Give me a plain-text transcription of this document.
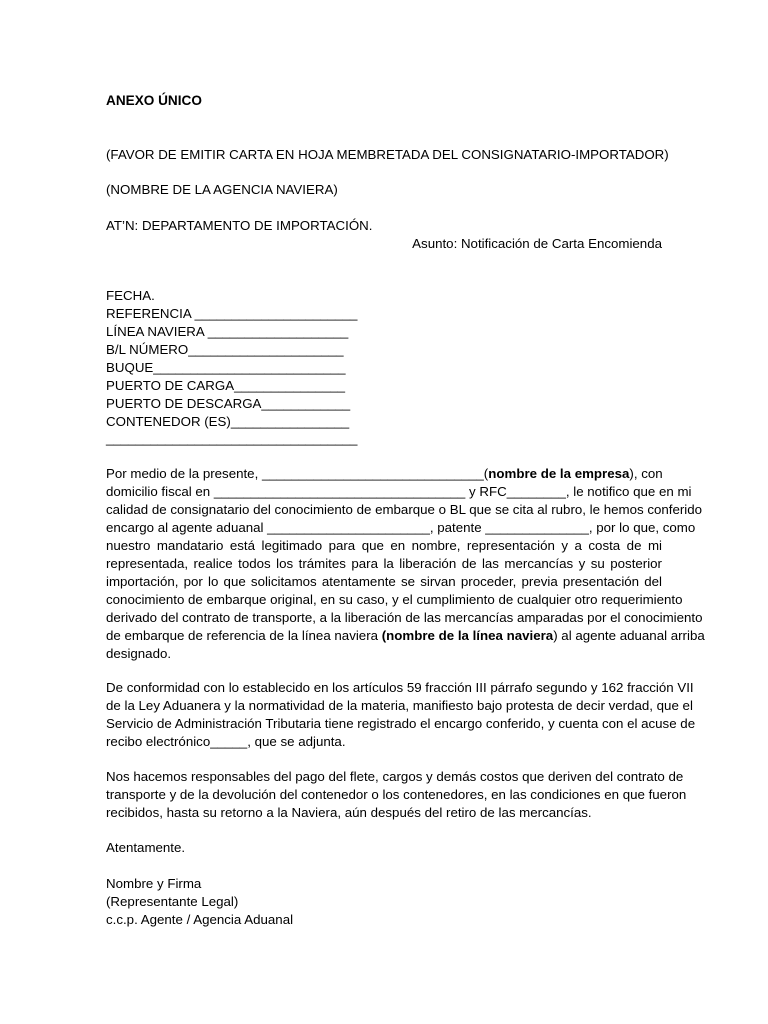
ANEXO ÚNICO
(FAVOR DE EMITIR CARTA EN HOJA MEMBRETADA DEL CONSIGNATARIO-IMPORTADOR)
(NOMBRE DE LA AGENCIA NAVIERA)
AT’N: DEPARTAMENTO DE IMPORTACIÓN.
Asunto: Notificación de Carta Encomienda
FECHA.
REFERENCIA ______________________
LÍNEA NAVIERA ___________________
B/L NÚMERO_____________________
BUQUE__________________________
PUERTO DE CARGA_______________
PUERTO DE DESCARGA____________
CONTENEDOR (ES)________________
__________________________________
Por medio de la presente, ______________________________(nombre de la empresa), con
domicilio fiscal en __________________________________ y RFC________, le notifico que en mi
calidad de consignatario del conocimiento de embarque o BL que se cita al rubro, le hemos conferido
encargo al agente aduanal ______________________, patente ______________, por lo que, como
nuestro mandatario está legitimado para que en nombre, representación y a costa de mi
representada, realice todos los trámites para la liberación de las mercancías y su posterior
importación, por lo que solicitamos atentamente se sirvan proceder, previa presentación del
conocimiento de embarque original, en su caso, y el cumplimiento de cualquier otro requerimiento
derivado del contrato de transporte, a la liberación de las mercancías amparadas por el conocimiento
de embarque de referencia de la línea naviera (nombre de la línea naviera) al agente aduanal arriba
designado.
De conformidad con lo establecido en los artículos 59 fracción III párrafo segundo y 162 fracción VII
de la Ley Aduanera y la normatividad de la materia, manifiesto bajo protesta de decir verdad, que el
Servicio de Administración Tributaria tiene registrado el encargo conferido, y cuenta con el acuse de
recibo electrónico_____, que se adjunta.
Nos hacemos responsables del pago del flete, cargos y demás costos que deriven del contrato de
transporte y de la devolución del contenedor o los contenedores, en las condiciones en que fueron
recibidos, hasta su retorno a la Naviera, aún después del retiro de las mercancías.
Atentamente.
Nombre y Firma
(Representante Legal)
c.c.p. Agente / Agencia Aduanal
